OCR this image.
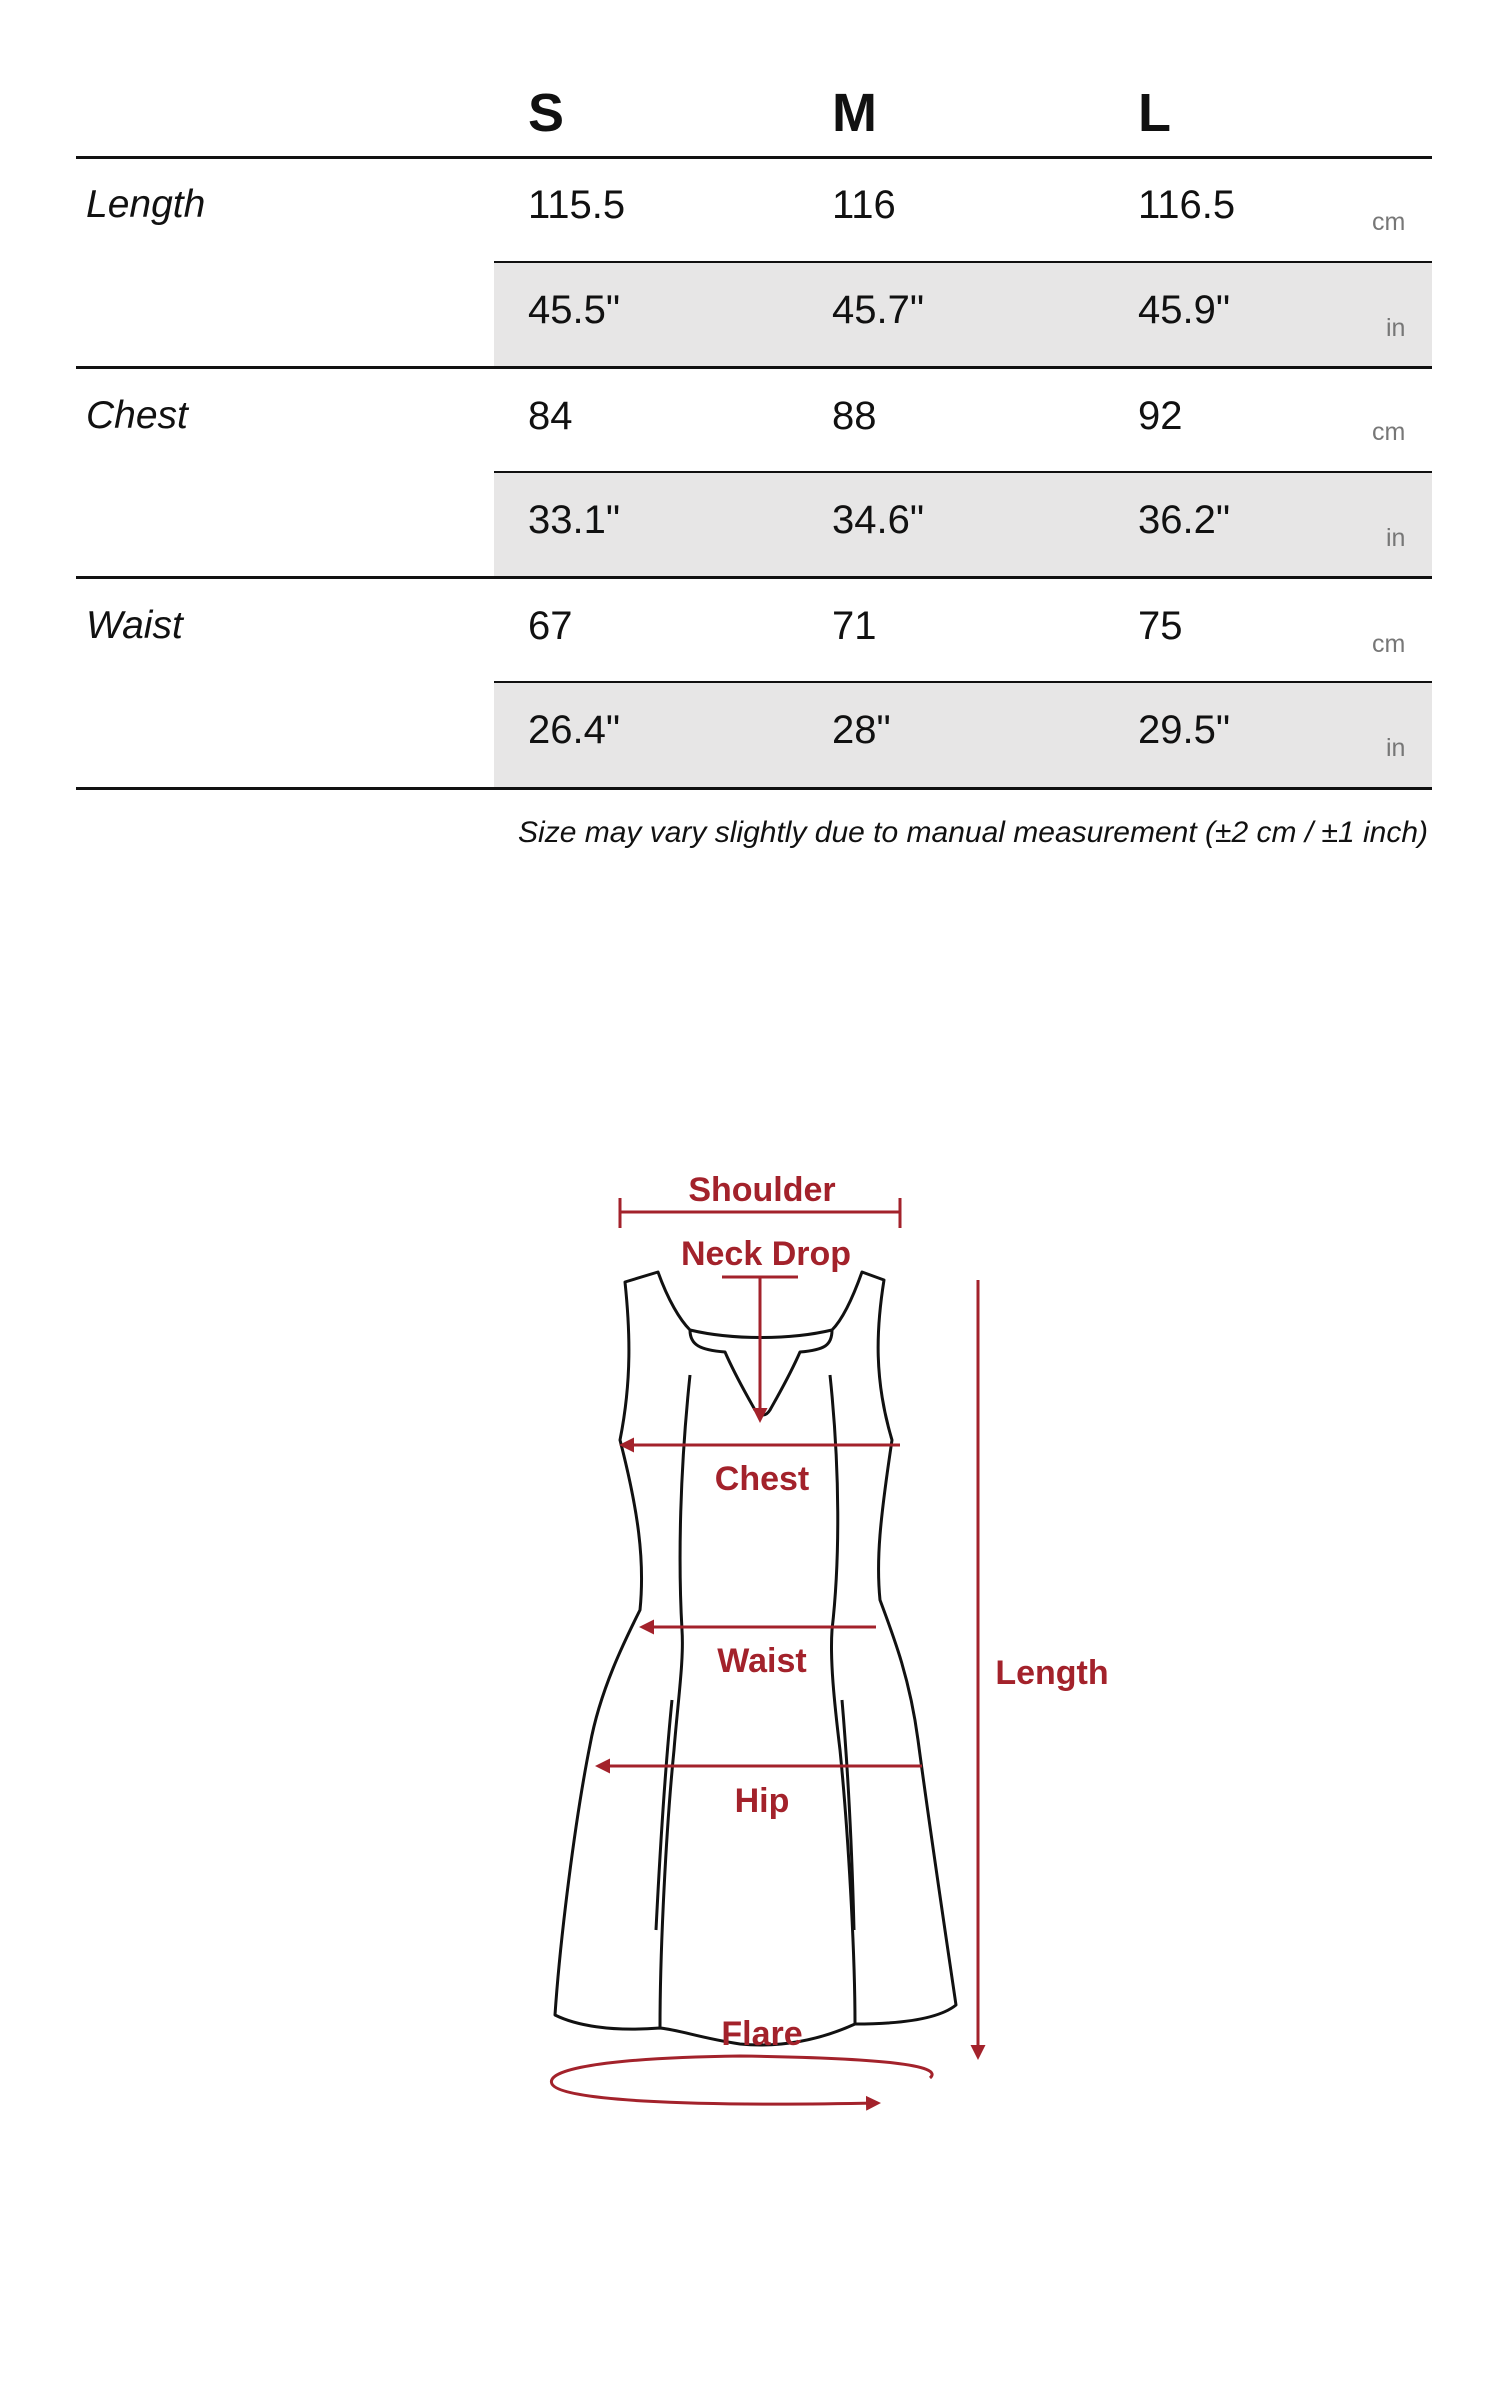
S	M	L
Length	115.5	116	116.5	cm
45.5"	45.7"	45.9"	in
Chest	84	88	92	cm
33.1"	34.6"	36.2"	in
Waist	67	71	75	cm
26.4"	28"	29.5"	in
Size may vary slightly due to manual measurement (±2 cm / ±1 inch)
Shoulder
Neck Drop
Chest
Waist
Hip
Flare
Length
